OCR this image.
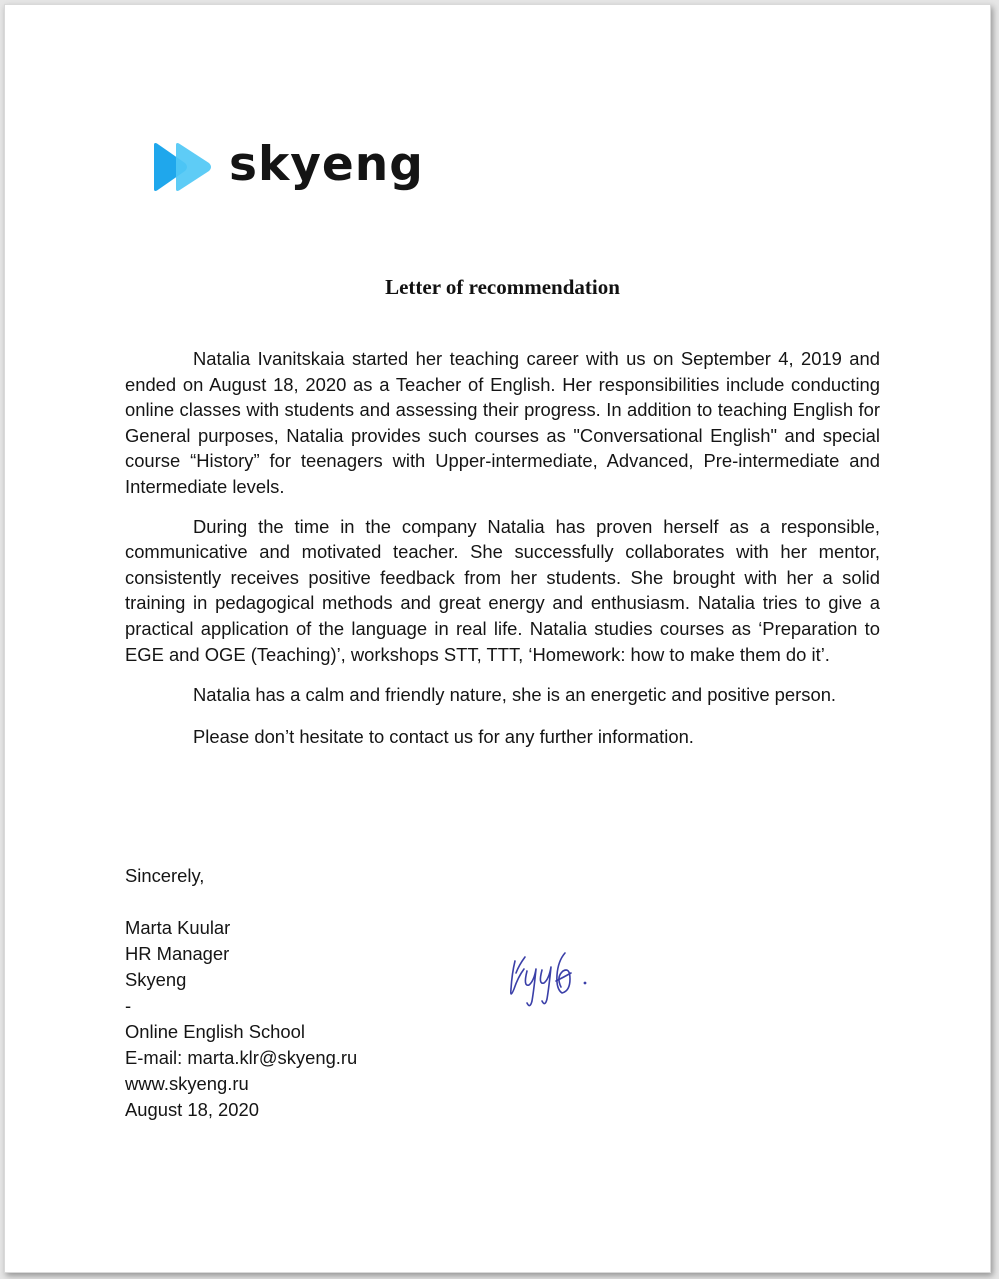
skyeng
Letter of recommendation

Natalia Ivanitskaia started her teaching career with us on September 4, 2019 and ended on August 18, 2020 as a Teacher of English. Her responsibilities include conducting online classes with students and assessing their progress. In addition to teaching English for General purposes, Natalia provides such courses as "Conversational English" and special course “History” for teenagers with Upper-intermediate, Advanced, Pre-intermediate and Intermediate levels.

During the time in the company Natalia has proven herself as a responsible, communicative and motivated teacher. She successfully collaborates with her mentor, consistently receives positive feedback from her students. She brought with her a solid training in pedagogical methods and great energy and enthusiasm. Natalia tries to give a practical application of the language in real life. Natalia studies courses as ‘Preparation to EGE and OGE (Teaching)’, workshops STT, TTT, ‘Homework: how to make them do it’.

Natalia has a calm and friendly nature, she is an energetic and positive person.

Please don’t hesitate to contact us for any further information.

Sincerely,
Marta Kuular
HR Manager
Skyeng
-
Online English School
E-mail: marta.klr@skyeng.ru
www.skyeng.ru
August 18, 2020
